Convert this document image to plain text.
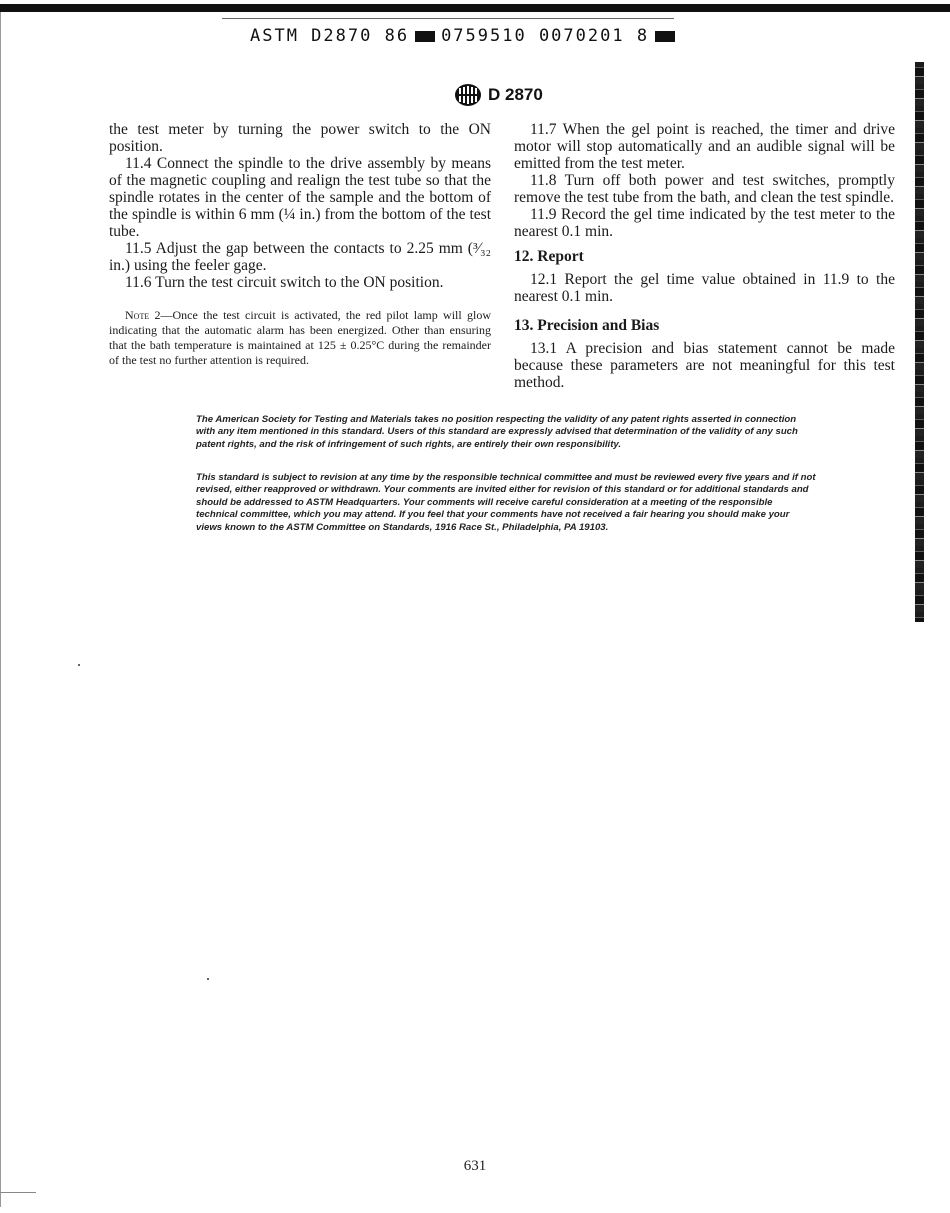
ASTM D2870 86 0759510 0070201 8
D 2870

the test meter by turning the power switch to the ON position.

11.4 Connect the spindle to the drive assembly by means of the magnetic coupling and realign the test tube so that the spindle rotates in the center of the sample and the bottom of the spindle is within 6 mm (¼ in.) from the bottom of the test tube.

11.5 Adjust the gap between the contacts to 2.25 mm (³⁄₃₂ in.) using the feeler gage.

11.6 Turn the test circuit switch to the ON position.

Note 2—Once the test circuit is activated, the red pilot lamp will glow indicating that the automatic alarm has been energized. Other than ensuring that the bath temperature is maintained at 125 ± 0.25°C during the remainder of the test no further attention is required.

11.7 When the gel point is reached, the timer and drive motor will stop automatically and an audible signal will be emitted from the test meter.

11.8 Turn off both power and test switches, promptly remove the test tube from the bath, and clean the test spindle.

11.9 Record the gel time indicated by the test meter to the nearest 0.1 min.

12. Report

12.1 Report the gel time value obtained in 11.9 to the nearest 0.1 min.

13. Precision and Bias

13.1 A precision and bias statement cannot be made because these parameters are not meaningful for this test method.

The American Society for Testing and Materials takes no position respecting the validity of any patent rights asserted in connection with any item mentioned in this standard. Users of this standard are expressly advised that determination of the validity of any such patent rights, and the risk of infringement of such rights, are entirely their own responsibility.
This standard is subject to revision at any time by the responsible technical committee and must be reviewed every five years and if not revised, either reapproved or withdrawn. Your comments are invited either for revision of this standard or for additional standards and should be addressed to ASTM Headquarters. Your comments will receive careful consideration at a meeting of the responsible technical committee, which you may attend. If you feel that your comments have not received a fair hearing you should make your views known to the ASTM Committee on Standards, 1916 Race St., Philadelphia, PA 19103.
631
